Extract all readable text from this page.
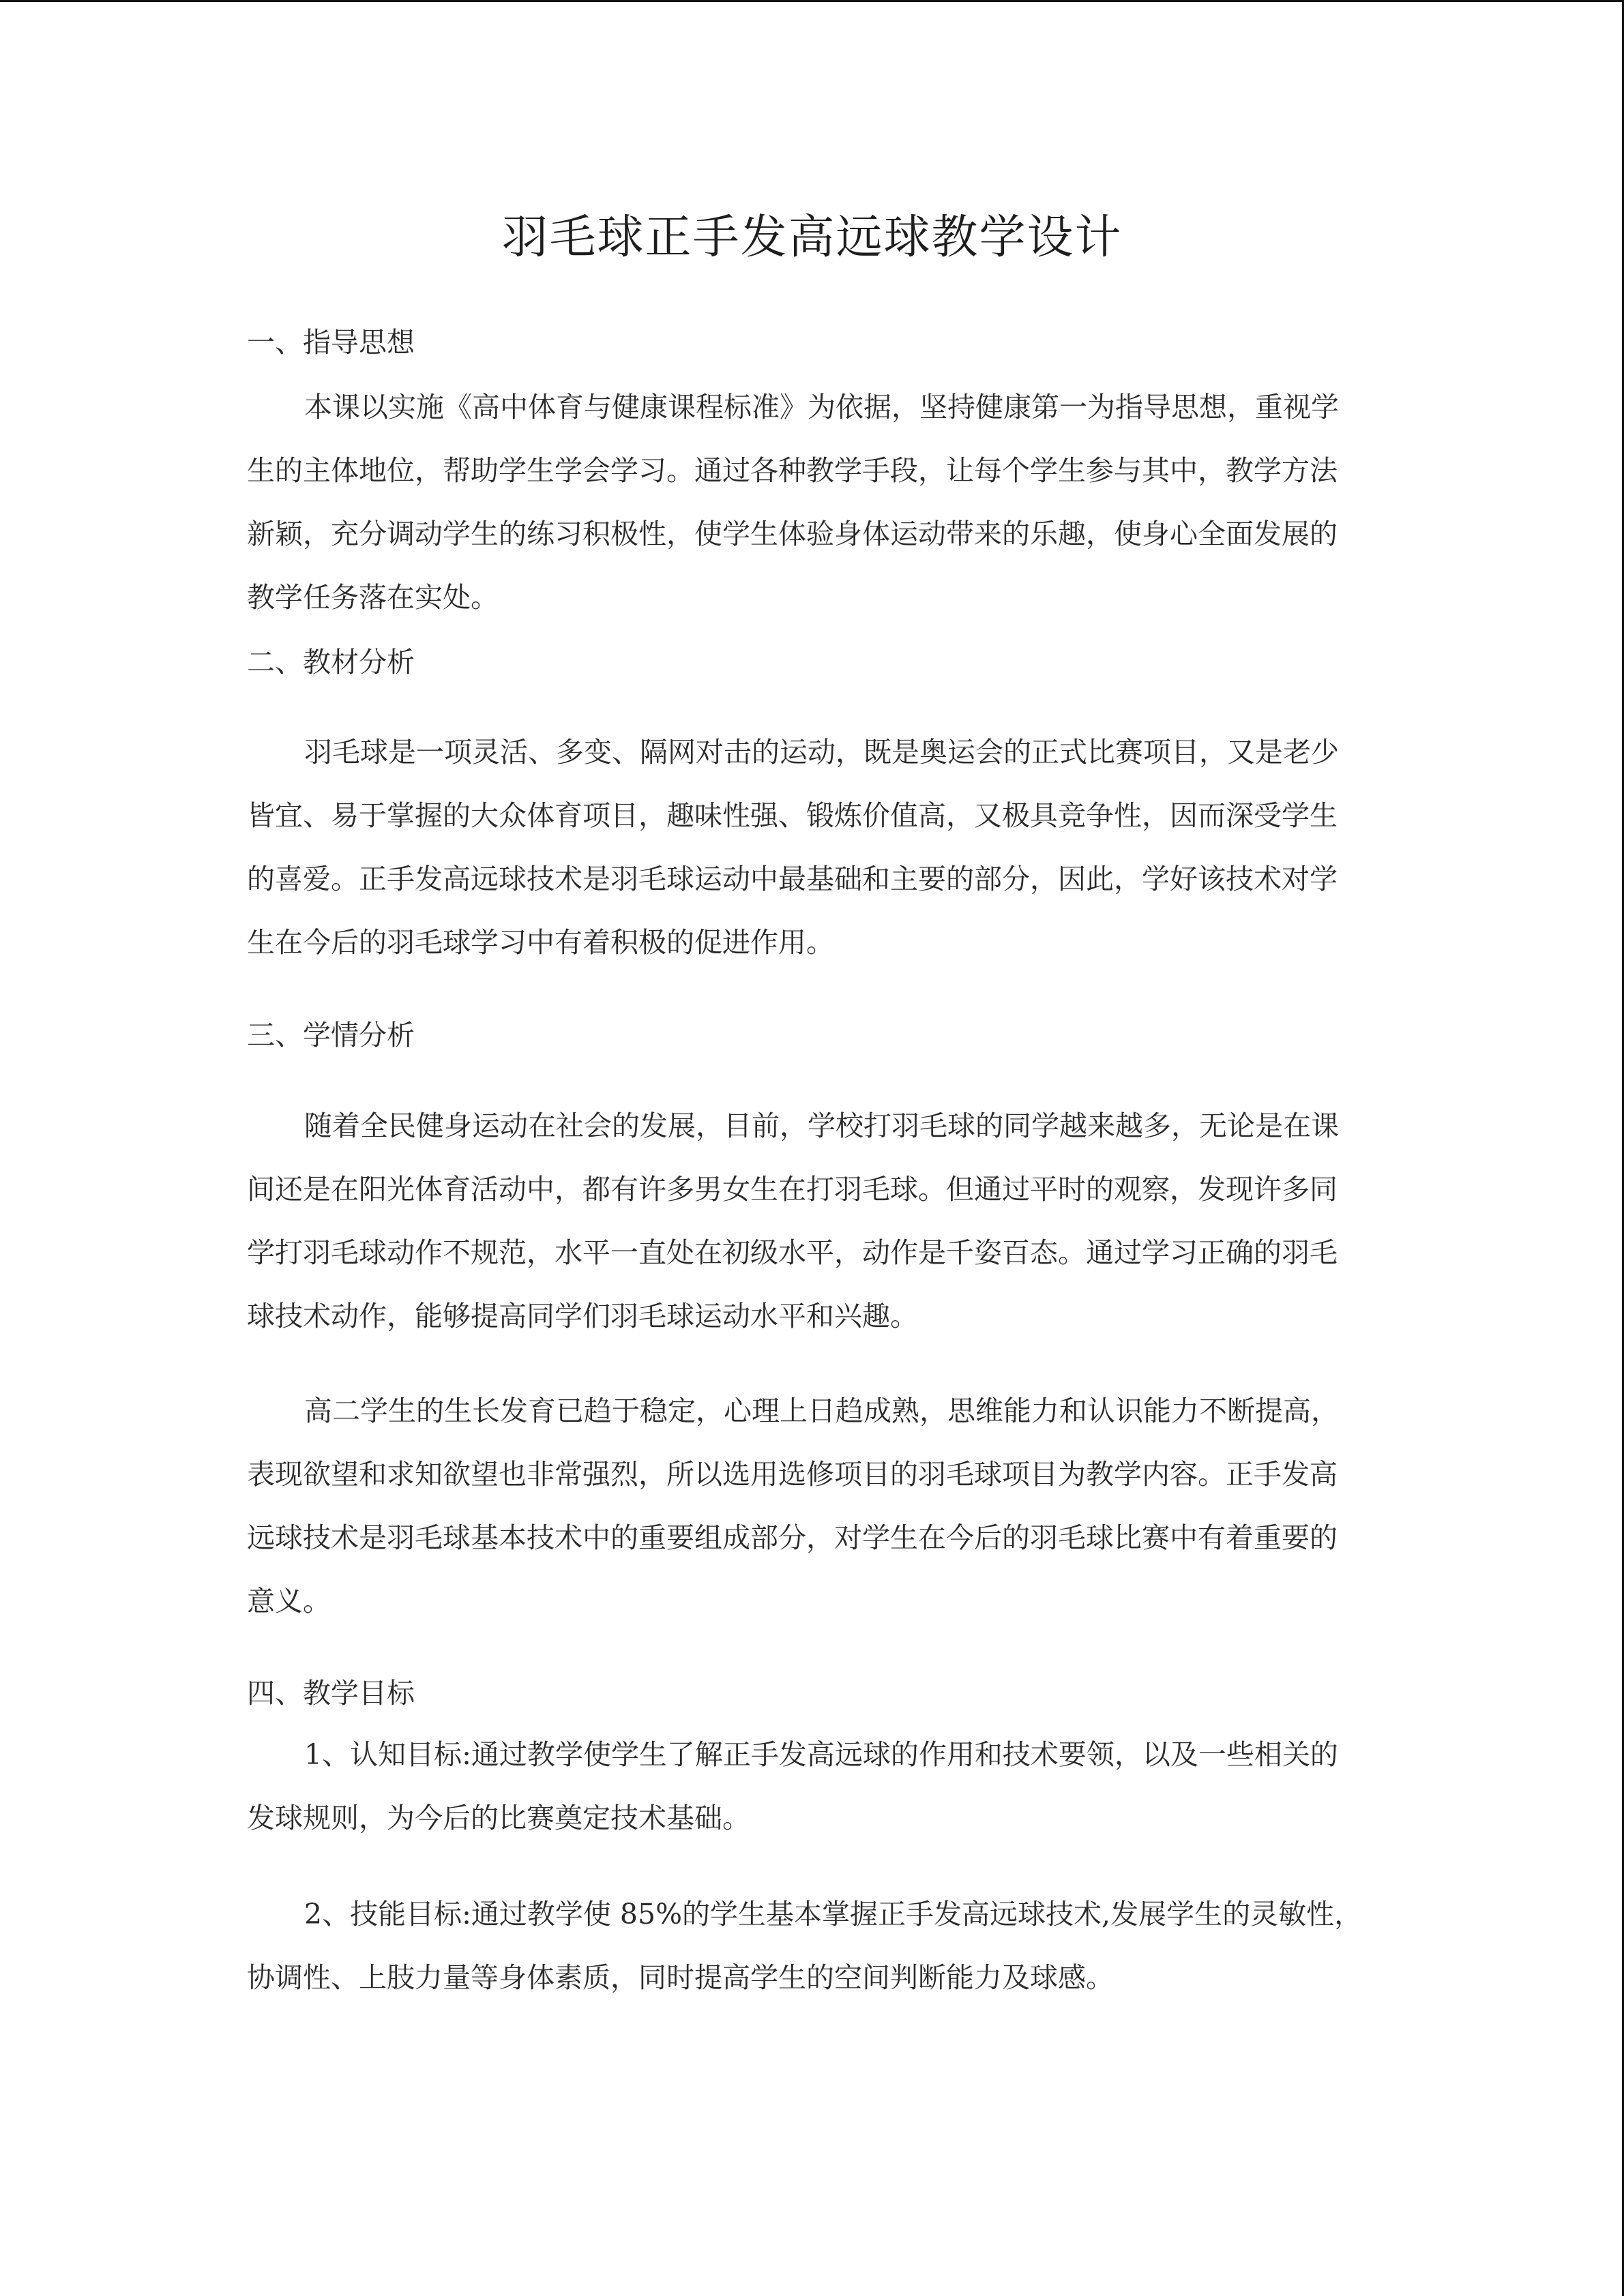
羽毛球正手发高远球教学设计
一、指导思想
本课以实施《高中体育与健康课程标准》为依据，坚持健康第一为指导思想，重视学
生的主体地位，帮助学生学会学习。通过各种教学手段，让每个学生参与其中，教学方法
新颖，充分调动学生的练习积极性，使学生体验身体运动带来的乐趣，使身心全面发展的
教学任务落在实处。
二、教材分析
羽毛球是一项灵活、多变、隔网对击的运动，既是奥运会的正式比赛项目，又是老少
皆宜、易于掌握的大众体育项目，趣味性强、锻炼价值高，又极具竞争性，因而深受学生
的喜爱。正手发高远球技术是羽毛球运动中最基础和主要的部分，因此，学好该技术对学
生在今后的羽毛球学习中有着积极的促进作用。
三、学情分析
随着全民健身运动在社会的发展，目前，学校打羽毛球的同学越来越多，无论是在课
间还是在阳光体育活动中，都有许多男女生在打羽毛球。但通过平时的观察，发现许多同
学打羽毛球动作不规范，水平一直处在初级水平，动作是千姿百态。通过学习正确的羽毛
球技术动作，能够提高同学们羽毛球运动水平和兴趣。
高二学生的生长发育已趋于稳定，心理上日趋成熟，思维能力和认识能力不断提高，
表现欲望和求知欲望也非常强烈，所以选用选修项目的羽毛球项目为教学内容。正手发高
远球技术是羽毛球基本技术中的重要组成部分，对学生在今后的羽毛球比赛中有着重要的
意义。
四、教学目标
1、认知目标:通过教学使学生了解正手发高远球的作用和技术要领，以及一些相关的
发球规则，为今后的比赛奠定技术基础。
2、技能目标:通过教学使 85%的学生基本掌握正手发高远球技术,发展学生的灵敏性，
协调性、上肢力量等身体素质，同时提高学生的空间判断能力及球感。
